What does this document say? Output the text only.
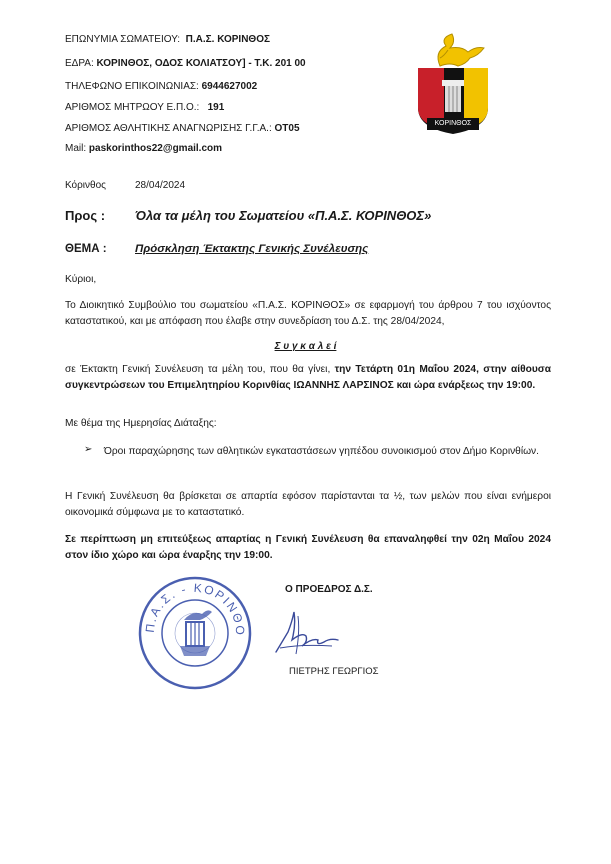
ΕΠΩΝΥΜΙΑ ΣΩΜΑΤΕΙΟΥ: Π.Α.Σ. ΚΟΡΙΝΘΟΣ
ΕΔΡΑ: ΚΟΡΙΝΘΟΣ, ΟΔΟΣ ΚΟΛΙΑΤΣΟΥ] - Τ.Κ. 201 00
ΤΗΛΕΦΩΝΟ ΕΠΙΚΟΙΝΩΝΙΑΣ: 6944627002
ΑΡΙΘΜΟΣ ΜΗΤΡΩΟΥ Ε.Π.Ο.: 191
ΑΡΙΘΜΟΣ ΑΘΛΗΤΙΚΗΣ ΑΝΑΓΝΩΡΙΣΗΣ Γ.Γ.Α.: ΟΤ05
Mail: paskorinthos22@gmail.com
ΚΟΡΙΝΘΟΣ
Κόρινθος	28/04/2024
Προς : Όλα τα μέλη του Σωματείου «Π.Α.Σ. ΚΟΡΙΝΘΟΣ»
ΘΕΜΑ : Πρόσκληση Έκτακτης Γενικής Συνέλευσης
Κύριοι,

Το Διοικητικό Συμβούλιο του σωματείου «Π.Α.Σ. ΚΟΡΙΝΘΟΣ» σε εφαρμογή του άρθρου 7 του ισχύοντος καταστατικού, και με απόφαση που έλαβε στην συνεδρίαση του Δ.Σ. της 28/04/2024,

Σ υ γ κ α λ ε ί

σε Έκτακτη Γενική Συνέλευση τα μέλη του, που θα γίνει, την Τετάρτη 01η Μαΐου 2024, στην αίθουσα συγκεντρώσεων του Επιμελητηρίου Κορινθίας ΙΩΑΝΝΗΣ ΛΑΡΣΙΝΟΣ και ώρα ενάρξεως την 19:00.

Με θέμα της Ημερησίας Διάταξης:
➢ Όροι παραχώρησης των αθλητικών εγκαταστάσεων γηπέδου συνοικισμού στον Δήμο Κορινθίων.

Η Γενική Συνέλευση θα βρίσκεται σε απαρτία εφόσον παρίστανται τα ½, των μελών που είναι ενήμεροι οικονομικά σύμφωνα με το καταστατικό.

Σε περίπτωση μη επιτεύξεως απαρτίας η Γενική Συνέλευση θα επαναληφθεί την 02η Μαΐου 2024 στον ίδιο χώρο και ώρα έναρξης την 19:00.

Π.Α.Σ. - ΚΟΡΙΝΘΟ
Ο ΠΡΟΕΔΡΟΣ Δ.Σ.
ΠΙΕΤΡΗΣ ΓΕΩΡΓΙΟΣ
